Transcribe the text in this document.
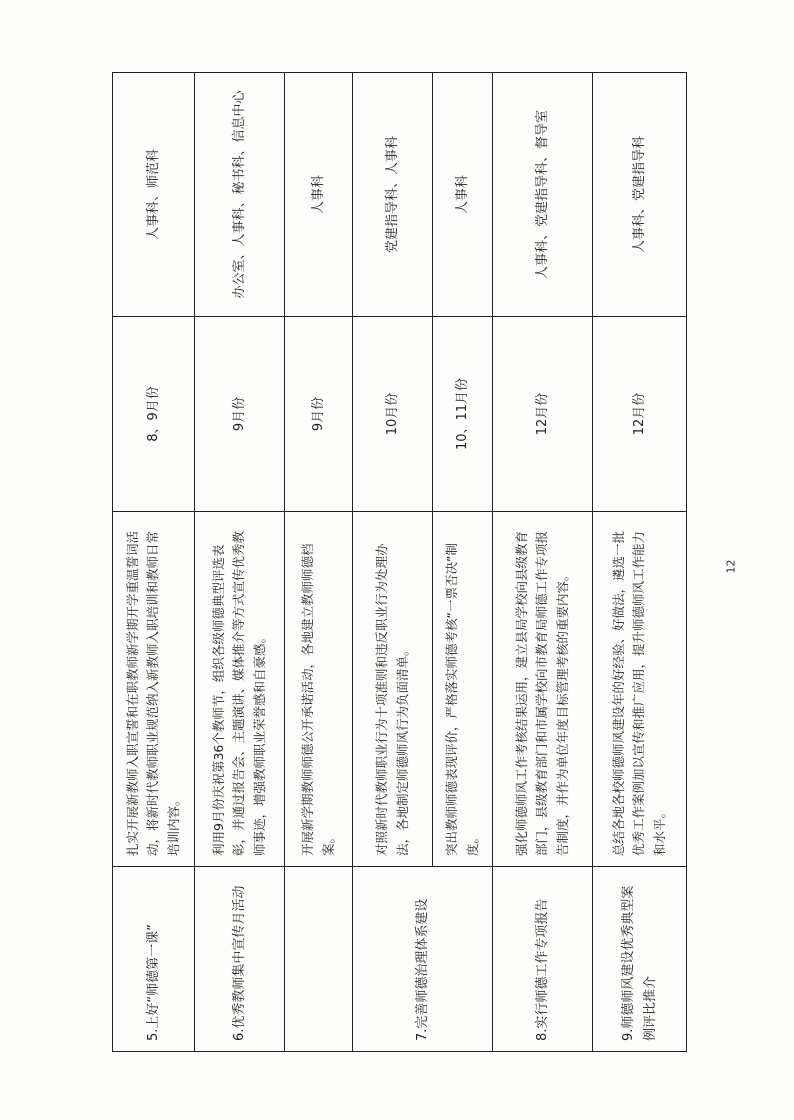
5.上好“师德第一课”	扎实开展新教师入职宣誓和在职教师新学期开学重温誓词活动，将新时代教师职业规范纳入新教师入职培训和教师日常培训内容。	8、9月份	人事科、师范科
6.优秀教师集中宣传月活动	利用9月份庆祝第36个教师节，组织各级师德典型评选表彰，并通过报告会、主题演讲、媒体推介等方式宣传优秀教师事迹，增强教师职业荣誉感和自豪感。	9月份	办公室、人事科、秘书科、信息中心
	开展新学期教师师德公开承诺活动，各地建立教师师德档案。	9月份	人事科
7.完善师德治理体系建设	对照新时代教师职业行为十项准则和违反职业行为处理办法，各地制定师德师风行为负面清单。	10月份	党建指导科、人事科
	突出教师师德表现评价，严格落实师德考核“一票否决”制度。	10、11月份	人事科
8.实行师德工作专项报告	强化师德师风工作考核结果运用，建立县局学校向县级教育部门，县级教育部门和市属学校向市教育局师德工作专项报告制度，并作为单位年度目标管理考核的重要内容。	12月份	人事科、党建指导科、督导室
9.师德师风建设优秀典型案例评比推介	总结各地各校师德师风建设年的好经验、好做法，遴选一批优秀工作案例加以宣传和推广应用，提升师德师风工作能力和水平。	12月份	人事科、党建指导科
12
